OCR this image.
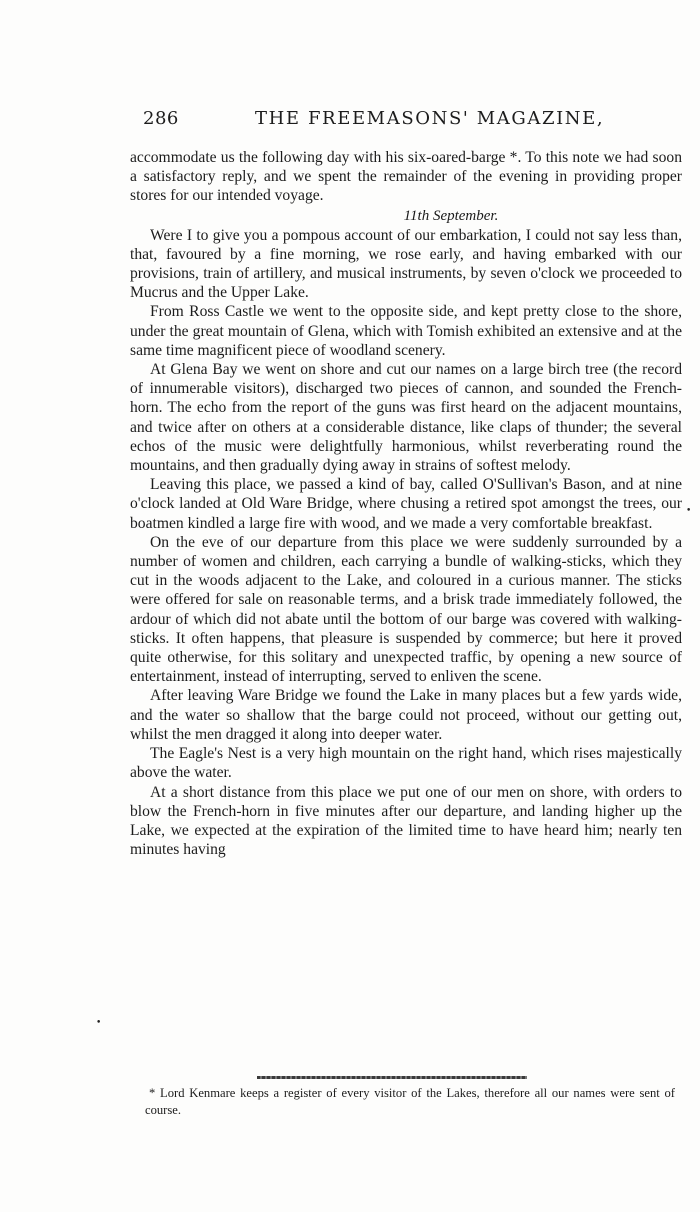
286	THE FREEMASONS' MAGAZINE,

accommodate us the following day with his six-oared-barge *. To this note we had soon a satisfactory reply, and we spent the remainder of the evening in providing proper stores for our intended voyage.

11th September.

Were I to give you a pompous account of our embarkation, I could not say less than, that, favoured by a fine morning, we rose early, and having embarked with our provisions, train of artillery, and musical instruments, by seven o'clock we proceeded to Mucrus and the Upper Lake.

From Ross Castle we went to the opposite side, and kept pretty close to the shore, under the great mountain of Glena, which with Tomish exhibited an extensive and at the same time magnificent piece of woodland scenery.

At Glena Bay we went on shore and cut our names on a large birch tree (the record of innumerable visitors), discharged two pieces of cannon, and sounded the French-horn. The echo from the report of the guns was first heard on the adjacent mountains, and twice after on others at a considerable distance, like claps of thunder; the several echos of the music were delightfully harmonious, whilst reverberating round the mountains, and then gradually dying away in strains of softest melody.

Leaving this place, we passed a kind of bay, called O'Sullivan's Bason, and at nine o'clock landed at Old Ware Bridge, where chusing a retired spot amongst the trees, our boatmen kindled a large fire with wood, and we made a very comfortable breakfast.

On the eve of our departure from this place we were suddenly surrounded by a number of women and children, each carrying a bundle of walking-sticks, which they cut in the woods adjacent to the Lake, and coloured in a curious manner. The sticks were offered for sale on reasonable terms, and a brisk trade immediately followed, the ardour of which did not abate until the bottom of our barge was covered with walking-sticks. It often happens, that pleasure is suspended by commerce; but here it proved quite otherwise, for this solitary and unexpected traffic, by opening a new source of entertainment, instead of interrupting, served to enliven the scene.

After leaving Ware Bridge we found the Lake in many places but a few yards wide, and the water so shallow that the barge could not proceed, without our getting out, whilst the men dragged it along into deeper water.

The Eagle's Nest is a very high mountain on the right hand, which rises majestically above the water.

At a short distance from this place we put one of our men on shore, with orders to blow the French-horn in five minutes after our departure, and landing higher up the Lake, we expected at the expiration of the limited time to have heard him; nearly ten minutes having

•
•

* Lord Kenmare keeps a register of every visitor of the Lakes, therefore all our names were sent of course.
